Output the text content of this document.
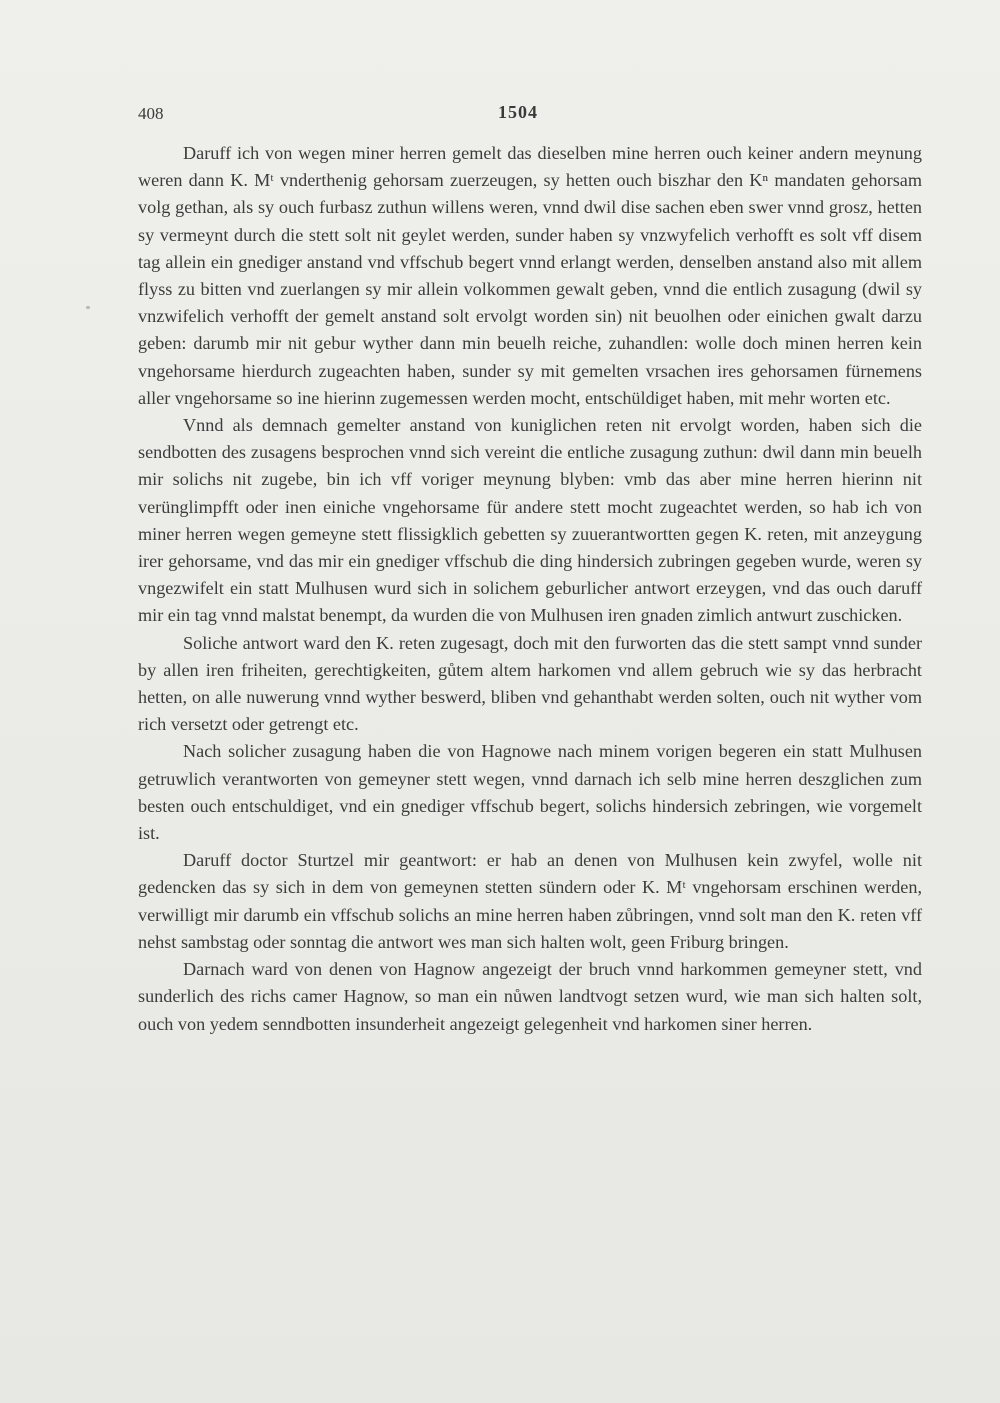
408	1504

Daruff ich von wegen miner herren gemelt das dieselben mine herren ouch keiner andern meynung weren dann K. Mᵗ vnderthenig gehorsam zuerzeugen, sy hetten ouch biszhar den Kⁿ mandaten gehorsam volg gethan, als sy ouch furbasz zuthun willens weren, vnnd dwil dise sachen eben swer vnnd grosz, hetten sy vermeynt durch die stett solt nit geylet werden, sunder haben sy vnzwyfelich verhofft es solt vff disem tag allein ein gnediger anstand vnd vffschub begert vnnd erlangt werden, denselben anstand also mit allem flyss zu bitten vnd zuerlangen sy mir allein volkommen gewalt geben, vnnd die entlich zusagung (dwil sy vnzwifelich verhofft der gemelt anstand solt ervolgt worden sin) nit beuolhen oder einichen gwalt darzu geben: darumb mir nit gebur wyther dann min beuelh reiche, zuhandlen: wolle doch minen herren kein vngehorsame hierdurch zugeachten haben, sunder sy mit gemelten vrsachen ires gehorsamen fürnemens aller vngehorsame so ine hierinn zugemessen werden mocht, entschüldiget haben, mit mehr worten etc.

Vnnd als demnach gemelter anstand von kuniglichen reten nit ervolgt worden, haben sich die sendbotten des zusagens besprochen vnnd sich vereint die entliche zusagung zuthun: dwil dann min beuelh mir solichs nit zugebe, bin ich vff voriger meynung blyben: vmb das aber mine herren hierinn nit verünglimpfft oder inen einiche vngehorsame für andere stett mocht zugeachtet werden, so hab ich von miner herren wegen gemeyne stett flissigklich gebetten sy zuuerantwortten gegen K. reten, mit anzeygung irer gehorsame, vnd das mir ein gnediger vffschub die ding hindersich zubringen gegeben wurde, weren sy vngezwifelt ein statt Mulhusen wurd sich in solichem geburlicher antwort erzeygen, vnd das ouch daruff mir ein tag vnnd malstat benempt, da wurden die von Mulhusen iren gnaden zimlich antwurt zuschicken.

Soliche antwort ward den K. reten zugesagt, doch mit den furworten das die stett sampt vnnd sunder by allen iren friheiten, gerechtigkeiten, gůtem altem harkomen vnd allem gebruch wie sy das herbracht hetten, on alle nuwerung vnnd wyther beswerd, bliben vnd gehanthabt werden solten, ouch nit wyther vom rich versetzt oder getrengt etc.

Nach solicher zusagung haben die von Hagnowe nach minem vorigen begeren ein statt Mulhusen getruwlich verantworten von gemeyner stett wegen, vnnd darnach ich selb mine herren deszglichen zum besten ouch entschuldiget, vnd ein gnediger vffschub begert, solichs hindersich zebringen, wie vorgemelt ist.

Daruff doctor Sturtzel mir geantwort: er hab an denen von Mulhusen kein zwyfel, wolle nit gedencken das sy sich in dem von gemeynen stetten sündern oder K. Mᵗ vngehorsam erschinen werden, verwilligt mir darumb ein vffschub solichs an mine herren haben zůbringen, vnnd solt man den K. reten vff nehst sambstag oder sonntag die antwort wes man sich halten wolt, geen Friburg bringen.

Darnach ward von denen von Hagnow angezeigt der bruch vnnd harkommen gemeyner stett, vnd sunderlich des richs camer Hagnow, so man ein nůwen landtvogt setzen wurd, wie man sich halten solt, ouch von yedem senndbotten insunderheit angezeigt gelegenheit vnd harkomen siner herren.
